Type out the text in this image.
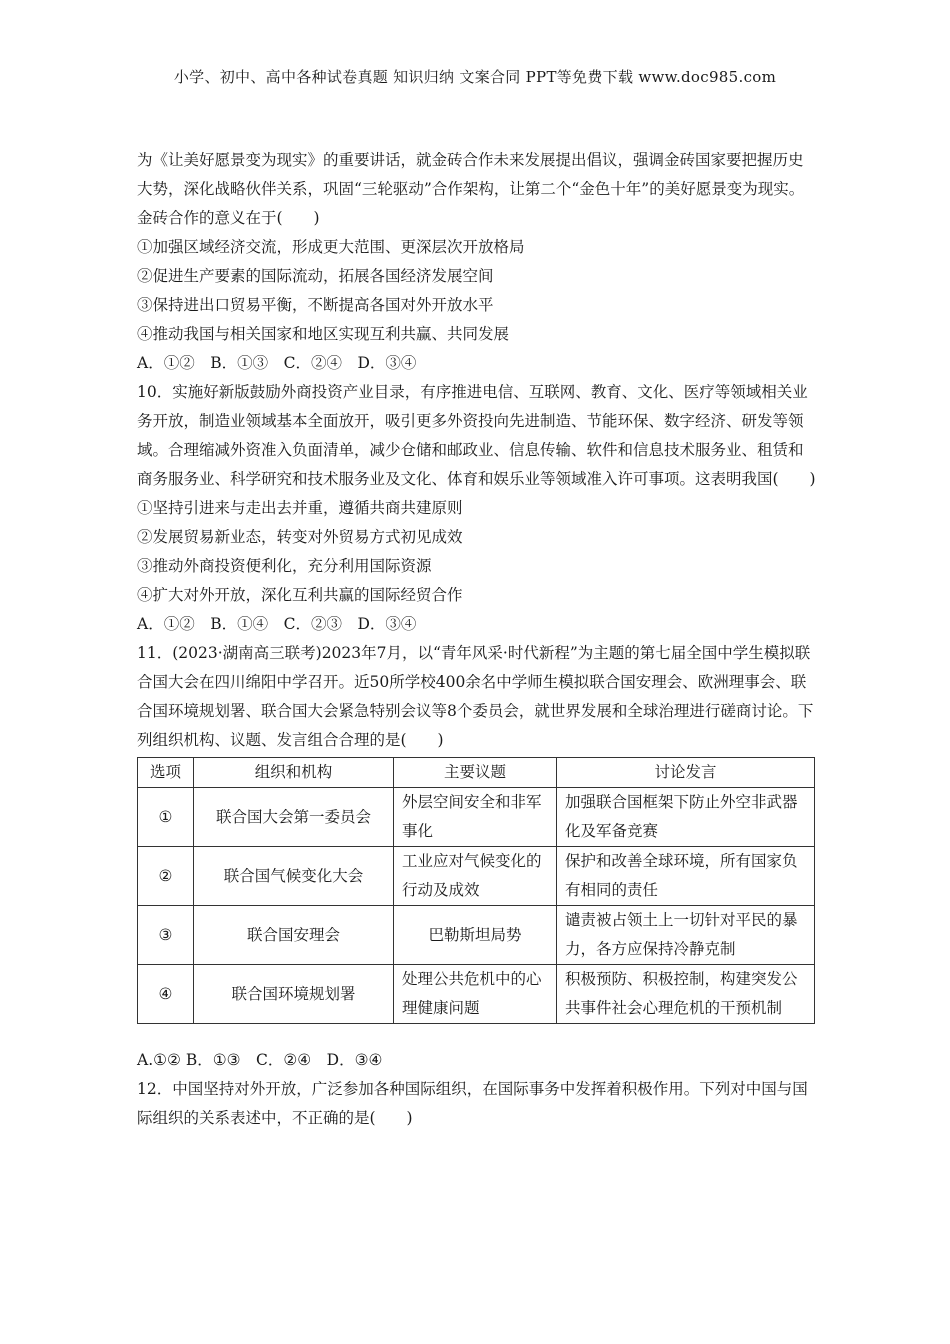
小学、初中、高中各种试卷真题 知识归纳 文案合同 PPT等免费下载 www.doc985.com

为《让美好愿景变为现实》的重要讲话，就金砖合作未来发展提出倡议，强调金砖国家要把握历史大势，深化战略伙伴关系，巩固“三轮驱动”合作架构，让第二个“金色十年”的美好愿景变为现实。金砖合作的意义在于(　　)

①加强区域经济交流，形成更大范围、更深层次开放格局

②促进生产要素的国际流动，拓展各国经济发展空间

③保持进出口贸易平衡，不断提高各国对外开放水平

④推动我国与相关国家和地区实现互利共赢、共同发展

A．①②　B．①③　C．②④　D．③④

10．实施好新版鼓励外商投资产业目录，有序推进电信、互联网、教育、文化、医疗等领域相关业务开放，制造业领域基本全面放开，吸引更多外资投向先进制造、节能环保、数字经济、研发等领域。合理缩减外资准入负面清单，减少仓储和邮政业、信息传输、软件和信息技术服务业、租赁和商务服务业、科学研究和技术服务业及文化、体育和娱乐业等领域准入许可事项。这表明我国(　　)

①坚持引进来与走出去并重，遵循共商共建原则

②发展贸易新业态，转变对外贸易方式初见成效

③推动外商投资便利化，充分利用国际资源

④扩大对外开放，深化互利共赢的国际经贸合作

A．①②　B．①④　C．②③　D．③④

11．(2023·湖南高三联考)2023年7月，以“青年风采·时代新程”为主题的第七届全国中学生模拟联合国大会在四川绵阳中学召开。近50所学校400余名中学师生模拟联合国安理会、欧洲理事会、联合国环境规划署、联合国大会紧急特别会议等8个委员会，就世界发展和全球治理进行磋商讨论。下列组织机构、议题、发言组合合理的是(　　)

选项	组织和机构	主要议题	讨论发言
①	联合国大会第一委员会	外层空间安全和非军事化	加强联合国框架下防止外空非武器化及军备竞赛
②	联合国气候变化大会	工业应对气候变化的行动及成效	保护和改善全球环境，所有国家负有相同的责任
③	联合国安理会	巴勒斯坦局势	谴责被占领土上一切针对平民的暴力，各方应保持冷静克制
④	联合国环境规划署	处理公共危机中的心理健康问题	积极预防、积极控制，构建突发公共事件社会心理危机的干预机制

A.①② B．①③　C．②④　D．③④

12．中国坚持对外开放，广泛参加各种国际组织，在国际事务中发挥着积极作用。下列对中国与国际组织的关系表述中，不正确的是(　　)
